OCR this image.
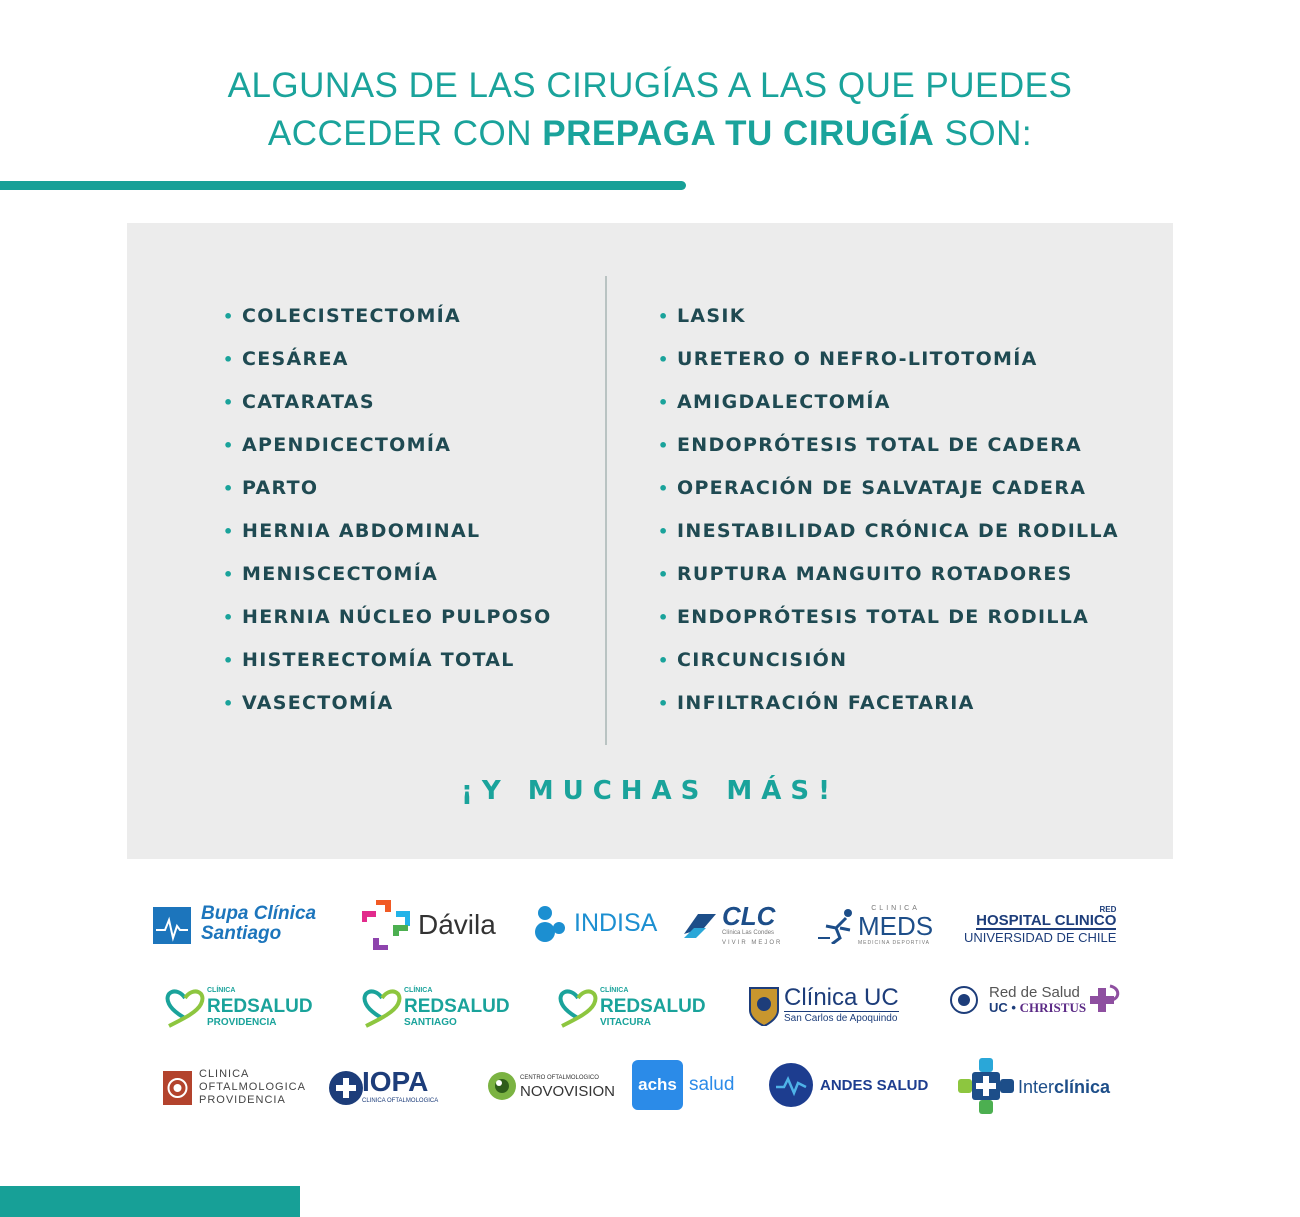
ALGUNAS DE LAS CIRUGÍAS A LAS QUE PUEDES
ACCEDER CON PREPAGA TU CIRUGÍA SON:
• COLECISTECTOMÍA
• CESÁREA
• CATARATAS
• APENDICECTOMÍA
• PARTO
• HERNIA ABDOMINAL
• MENISCECTOMÍA
• HERNIA NÚCLEO PULPOSO
• HISTERECTOMÍA TOTAL
• VASECTOMÍA
• LASIK
• URETERO O NEFRO-LITOTOMÍA
• AMIGDALECTOMÍA
• ENDOPRÓTESIS TOTAL DE CADERA
• OPERACIÓN DE SALVATAJE CADERA
• INESTABILIDAD CRÓNICA DE RODILLA
• RUPTURA MANGUITO ROTADORES
• ENDOPRÓTESIS TOTAL DE RODILLA
• CIRCUNCISIÓN
• INFILTRACIÓN FACETARIA
¡Y MUCHAS MÁS!
Bupa Clínica
Santiago	Dávila	INDISA CLC
Clínica Las Condes
VIVIR MEJOR
CLINICA
MEDS
MEDICINA DEPORTIVA
RED
HOSPITAL CLINICO
UNIVERSIDAD DE CHILE
CLÍNICA
REDSALUD
PROVIDENCIA
CLÍNICA
REDSALUD
SANTIAGO
CLÍNICA
REDSALUD
VITACURA
Clínica UC
San Carlos de Apoquindo
Red de Salud
UC • CHRISTUS
CLINICA
OFTALMOLOGICA
PROVIDENCIA
IOPA
CLINICA OFTALMOLOGICA
CENTRO OFTALMOLOGICO
NOVOVISION	achs salud	ANDES SALUD	Interclínica
